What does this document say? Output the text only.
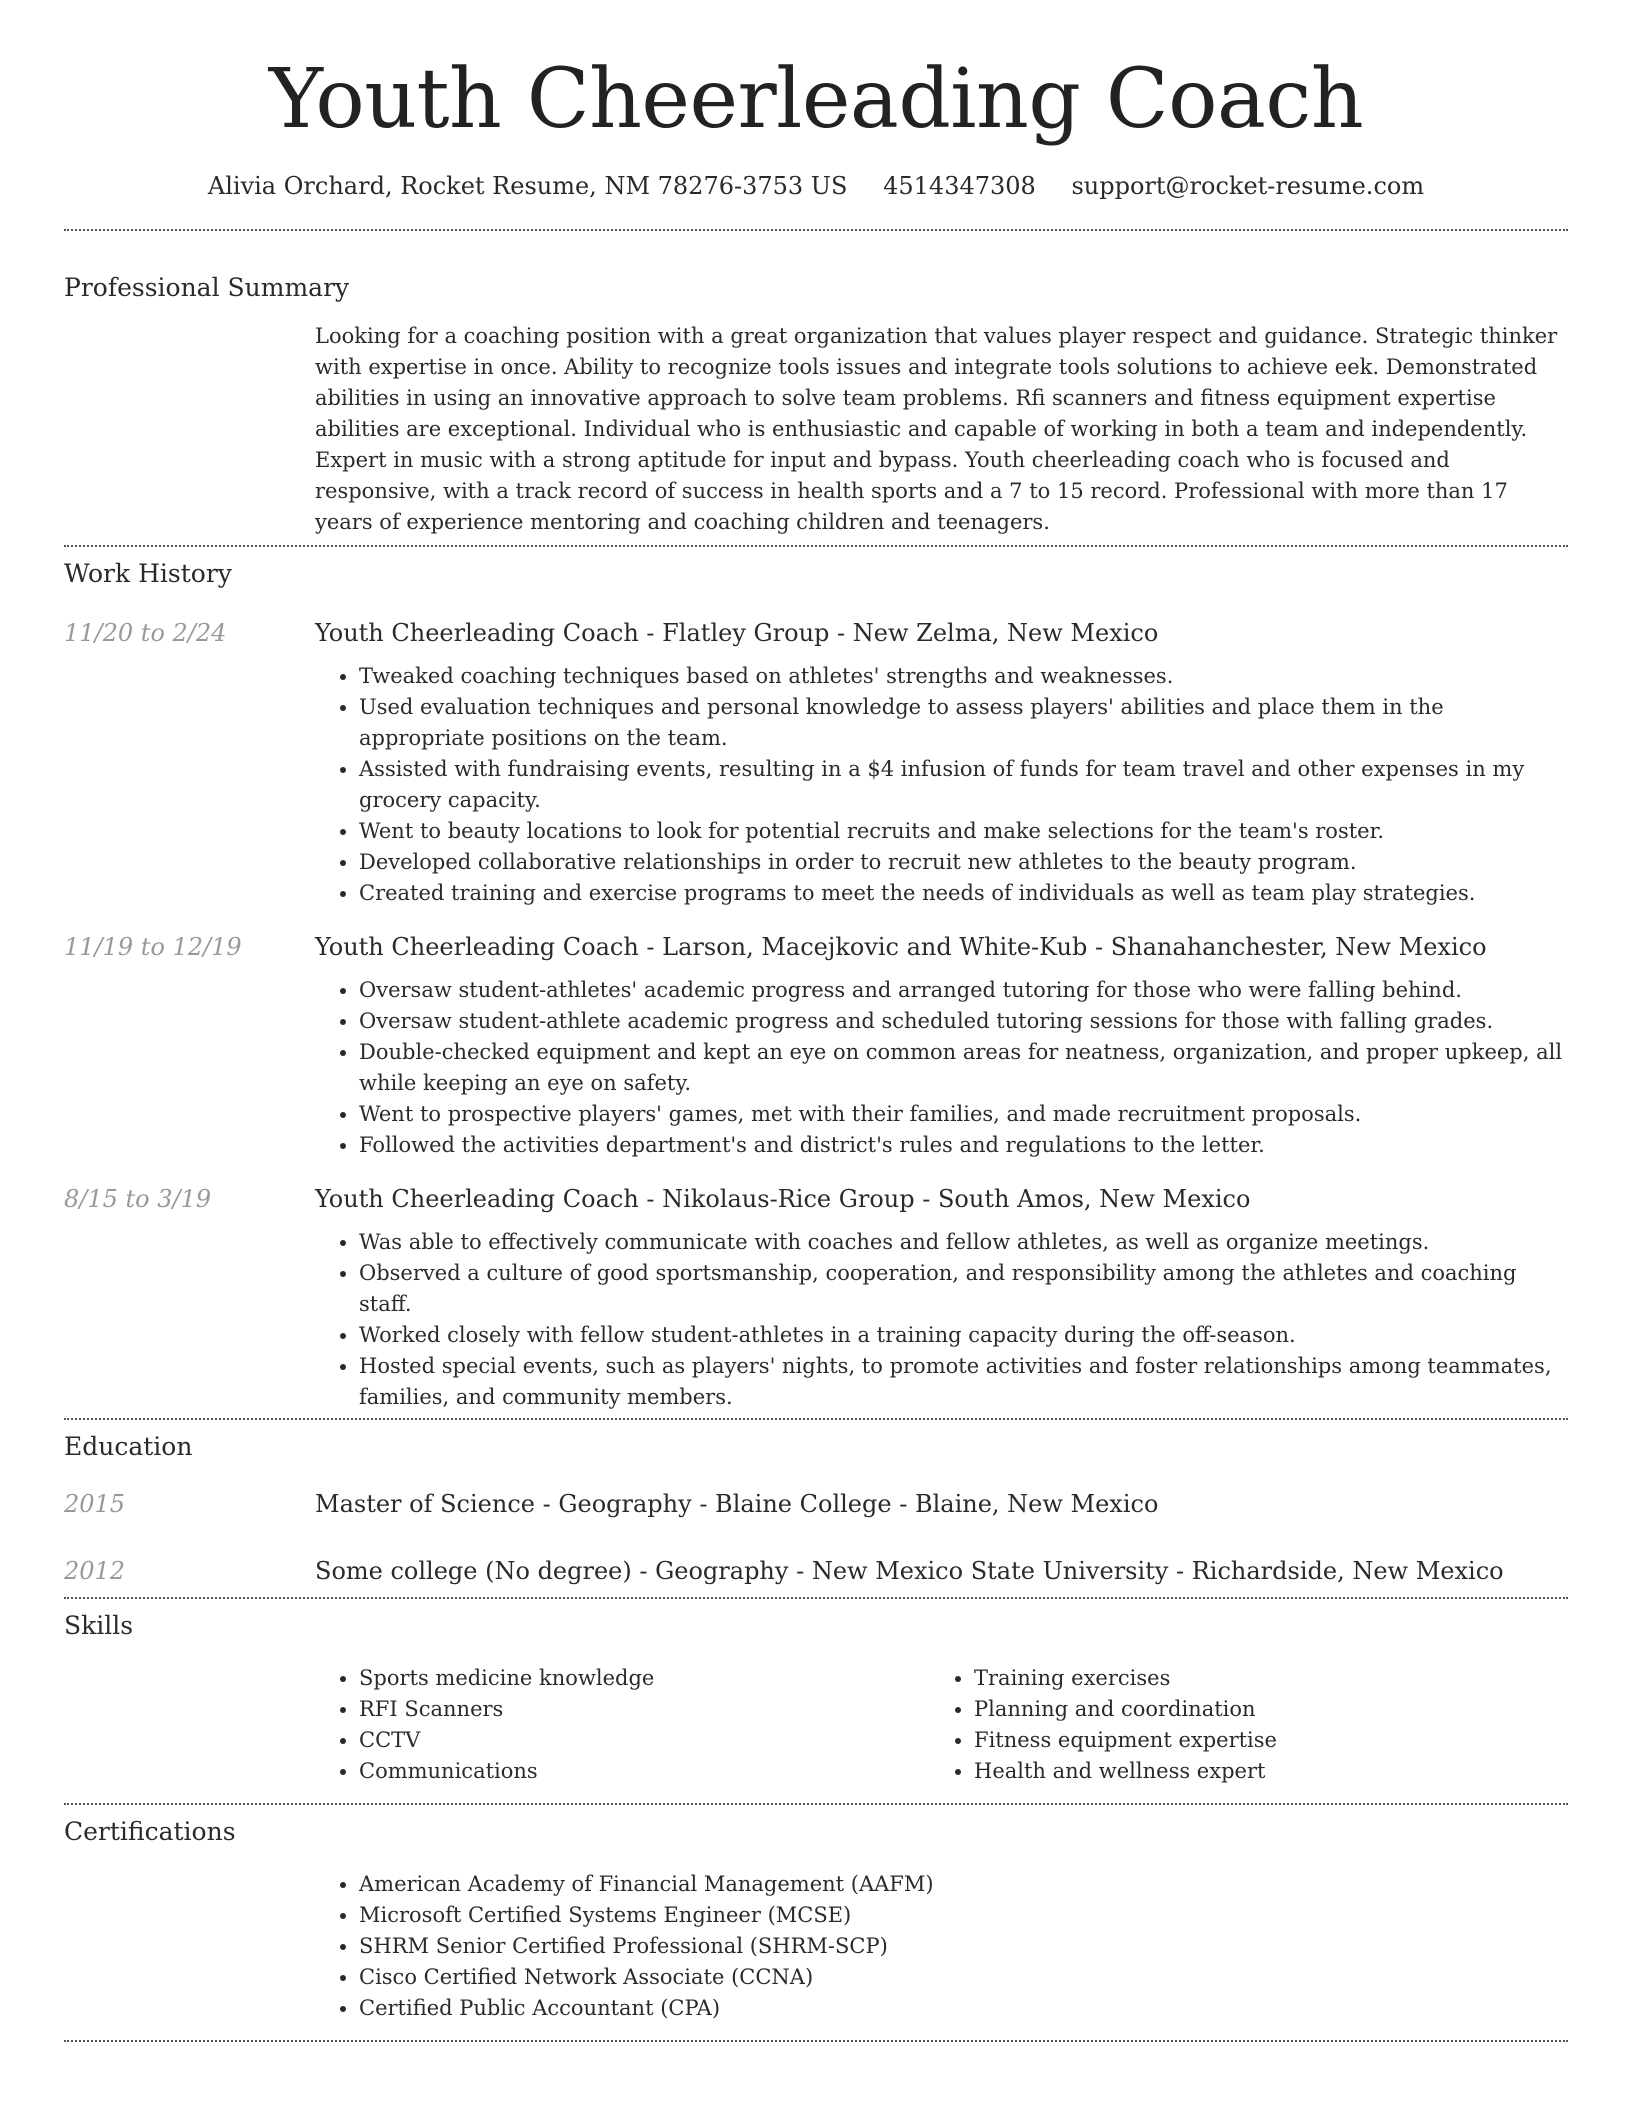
Youth Cheerleading Coach
Alivia Orchard, Rocket Resume, NM 78276-3753 US 4514347308 support@rocket-resume.com
Professional Summary
Looking for a coaching position with a great organization that values player respect and guidance. Strategic thinker with expertise in once. Ability to recognize tools issues and integrate tools solutions to achieve eek. Demonstrated abilities in using an innovative approach to solve team problems. Rfi scanners and fitness equipment expertise abilities are exceptional. Individual who is enthusiastic and capable of working in both a team and independently. Expert in music with a strong aptitude for input and bypass. Youth cheerleading coach who is focused and responsive, with a track record of success in health sports and a 7 to 15 record. Professional with more than 17 years of experience mentoring and coaching children and teenagers.
Work History
11/20 to 2/24	Youth Cheerleading Coach - Flatley Group - New Zelma, New Mexico
• Tweaked coaching techniques based on athletes' strengths and weaknesses.
• Used evaluation techniques and personal knowledge to assess players' abilities and place them in the appropriate positions on the team.
• Assisted with fundraising events, resulting in a $4 infusion of funds for team travel and other expenses in my grocery capacity.
• Went to beauty locations to look for potential recruits and make selections for the team's roster.
• Developed collaborative relationships in order to recruit new athletes to the beauty program.
• Created training and exercise programs to meet the needs of individuals as well as team play strategies.
11/19 to 12/19	Youth Cheerleading Coach - Larson, Macejkovic and White-Kub - Shanahanchester, New Mexico
• Oversaw student-athletes' academic progress and arranged tutoring for those who were falling behind.
• Oversaw student-athlete academic progress and scheduled tutoring sessions for those with falling grades.
• Double-checked equipment and kept an eye on common areas for neatness, organization, and proper upkeep, all while keeping an eye on safety.
• Went to prospective players' games, met with their families, and made recruitment proposals.
• Followed the activities department's and district's rules and regulations to the letter.
8/15 to 3/19	Youth Cheerleading Coach - Nikolaus-Rice Group - South Amos, New Mexico
• Was able to effectively communicate with coaches and fellow athletes, as well as organize meetings.
• Observed a culture of good sportsmanship, cooperation, and responsibility among the athletes and coaching staff.
• Worked closely with fellow student-athletes in a training capacity during the off-season.
• Hosted special events, such as players' nights, to promote activities and foster relationships among teammates, families, and community members.
Education
2015	Master of Science - Geography - Blaine College - Blaine, New Mexico
2012	Some college (No degree) - Geography - New Mexico State University - Richardside, New Mexico
Skills
• Sports medicine knowledge
• RFI Scanners
• CCTV
• Communications
• Training exercises
• Planning and coordination
• Fitness equipment expertise
• Health and wellness expert
Certifications
• American Academy of Financial Management (AAFM)
• Microsoft Certified Systems Engineer (MCSE)
• SHRM Senior Certified Professional (SHRM-SCP)
• Cisco Certified Network Associate (CCNA)
• Certified Public Accountant (CPA)
